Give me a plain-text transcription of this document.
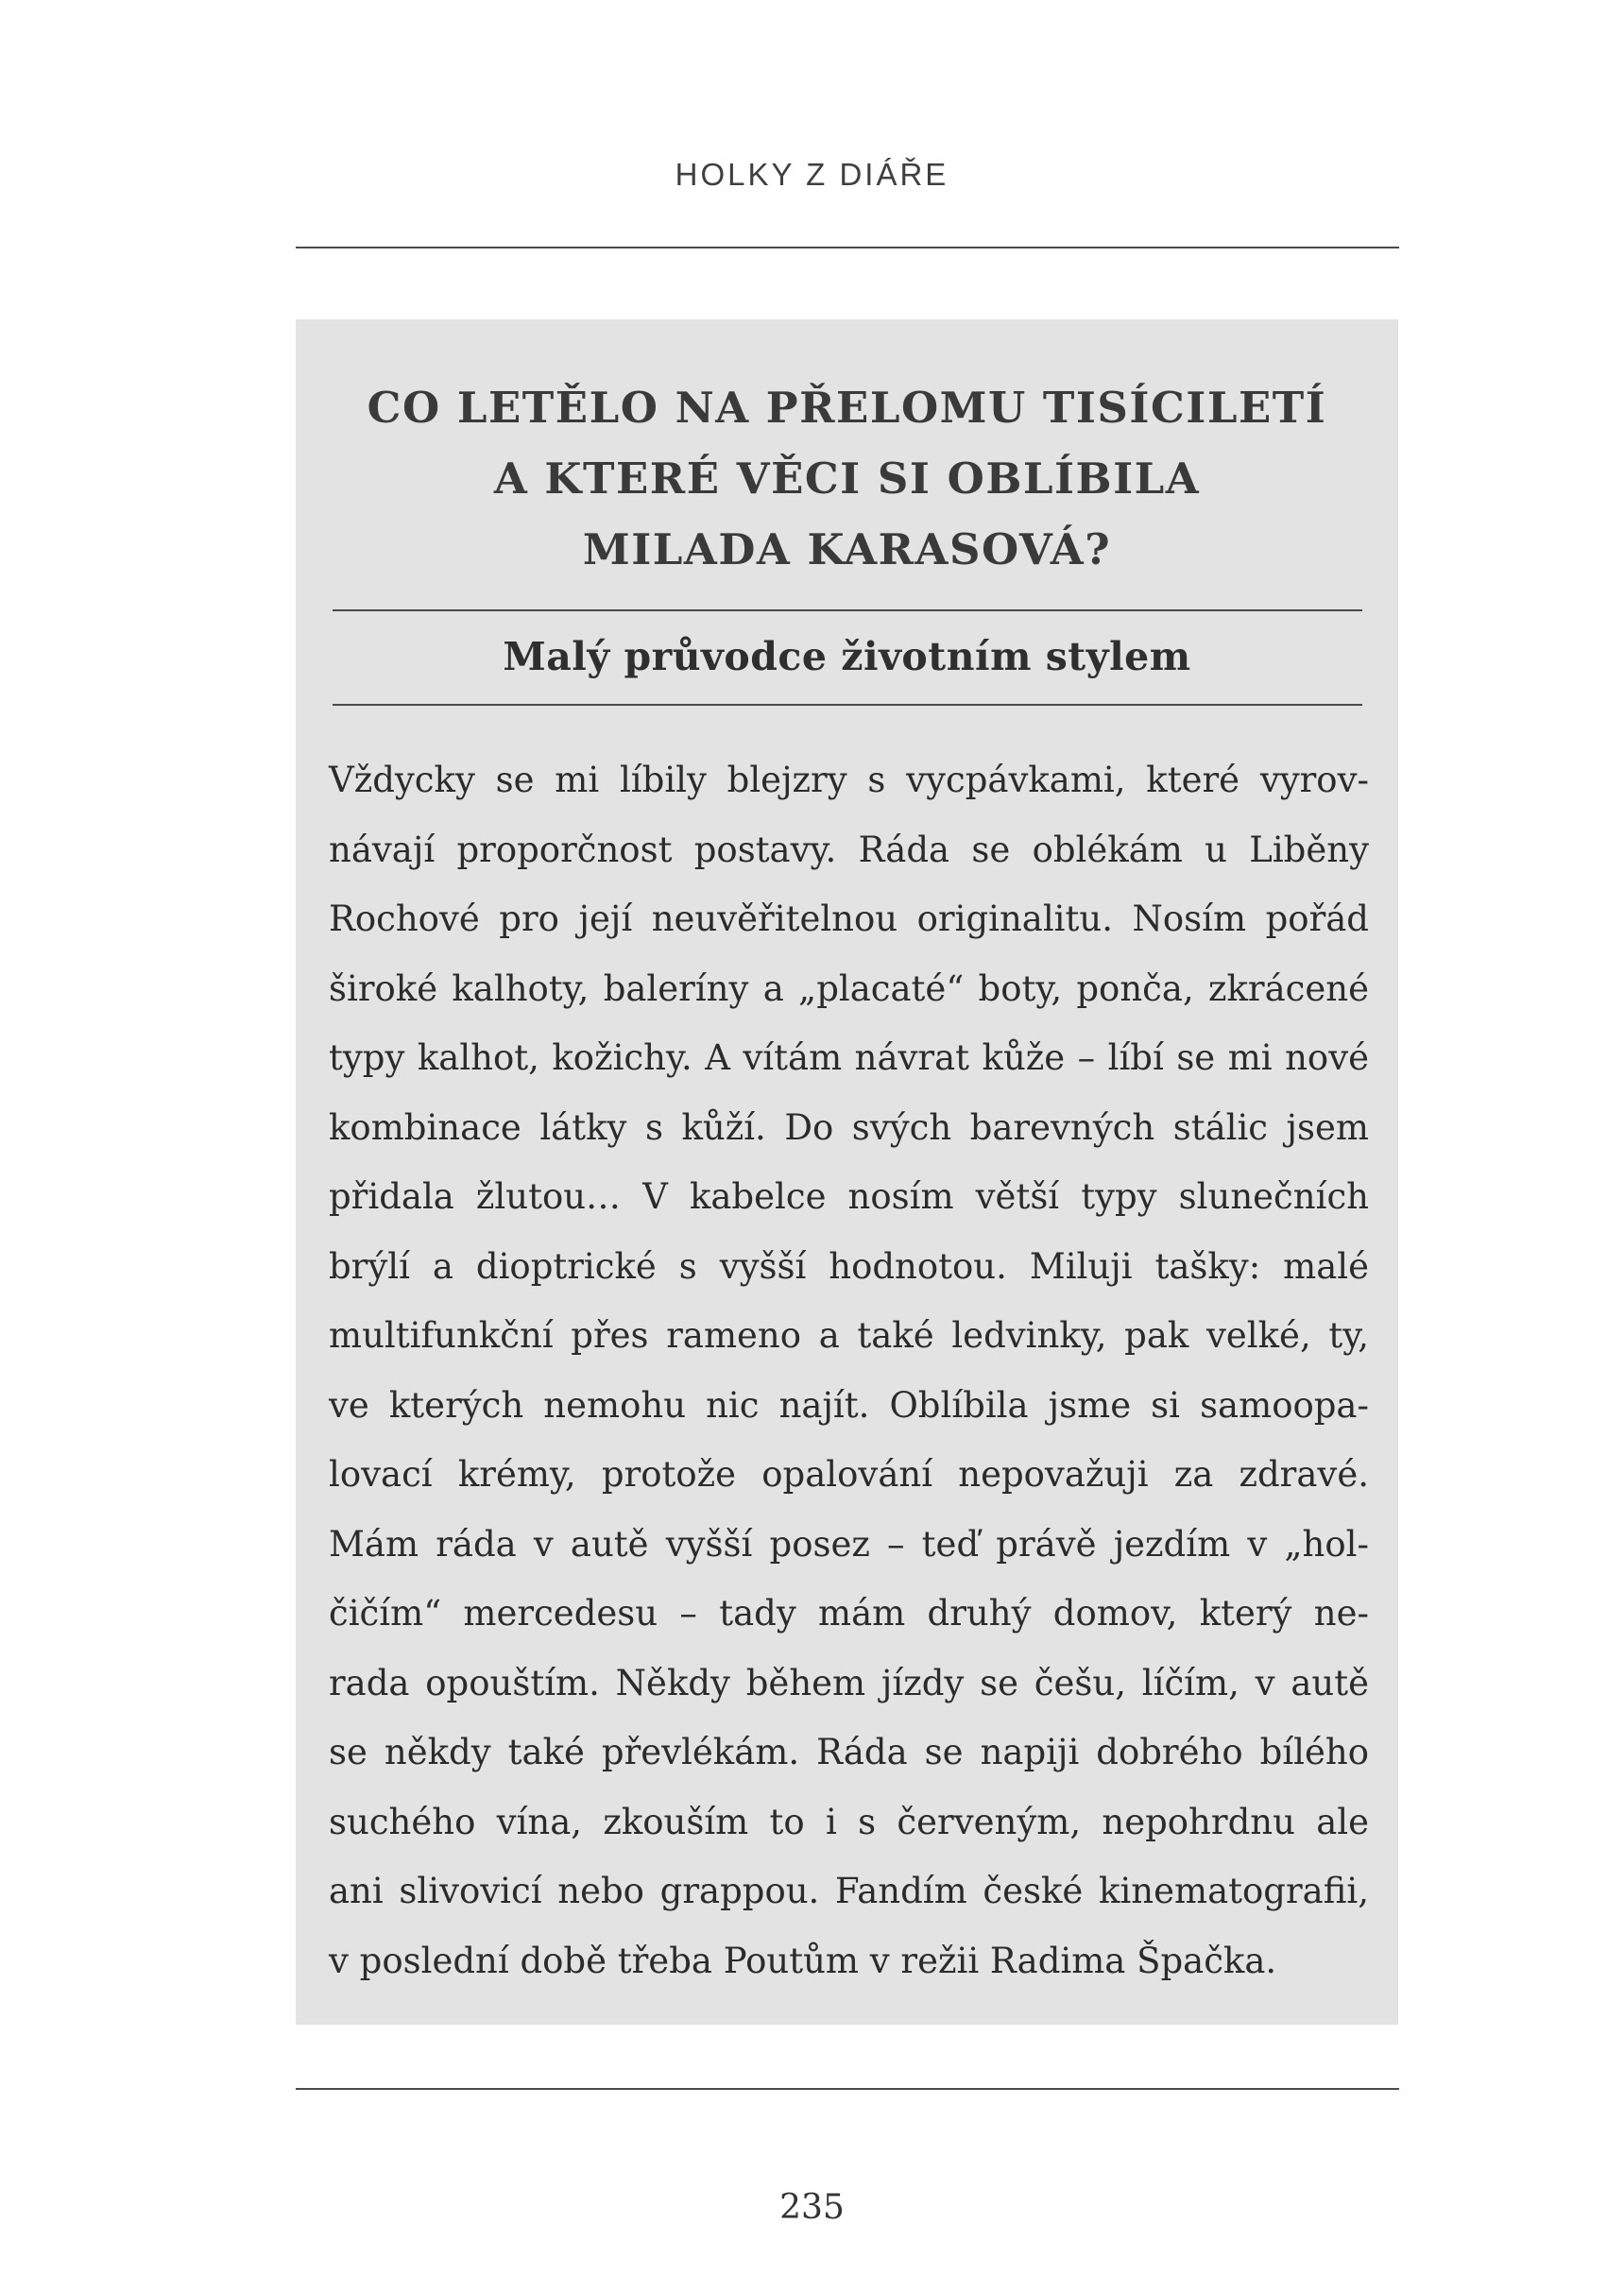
HOLKY Z DIÁŘE
CO LETĚLO NA PŘELOMU TISÍCILETÍ
A KTERÉ VĚCI SI OBLÍBILA
MILADA KARASOVÁ?
Malý průvodce životním stylem
Vždycky se mi líbily blejzry s vycpávkami, které vyrov-
návají proporčnost postavy. Ráda se oblékám u Liběny
Rochové pro její neuvěřitelnou originalitu. Nosím pořád
široké kalhoty, baleríny a „placaté“ boty, ponča, zkrácené
typy kalhot, kožichy. A vítám návrat kůže – líbí se mi nové
kombinace látky s kůží. Do svých barevných stálic jsem
přidala žlutou… V kabelce nosím větší typy slunečních
brýlí a dioptrické s vyšší hodnotou. Miluji tašky: malé
multifunkční přes rameno a také ledvinky, pak velké, ty,
ve kterých nemohu nic najít. Oblíbila jsme si samoopa-
lovací krémy, protože opalování nepovažuji za zdravé.
Mám ráda v autě vyšší posez – teď právě jezdím v „hol-
čičím“ mercedesu – tady mám druhý domov, který ne-
rada opouštím. Někdy během jízdy se češu, líčím, v autě
se někdy také převlékám. Ráda se napiji dobrého bílého
suchého vína, zkouším to i s červeným, nepohrdnu ale
ani slivovicí nebo grappou. Fandím české kinematografii,
v poslední době třeba Poutům v režii Radima Špačka.
235
